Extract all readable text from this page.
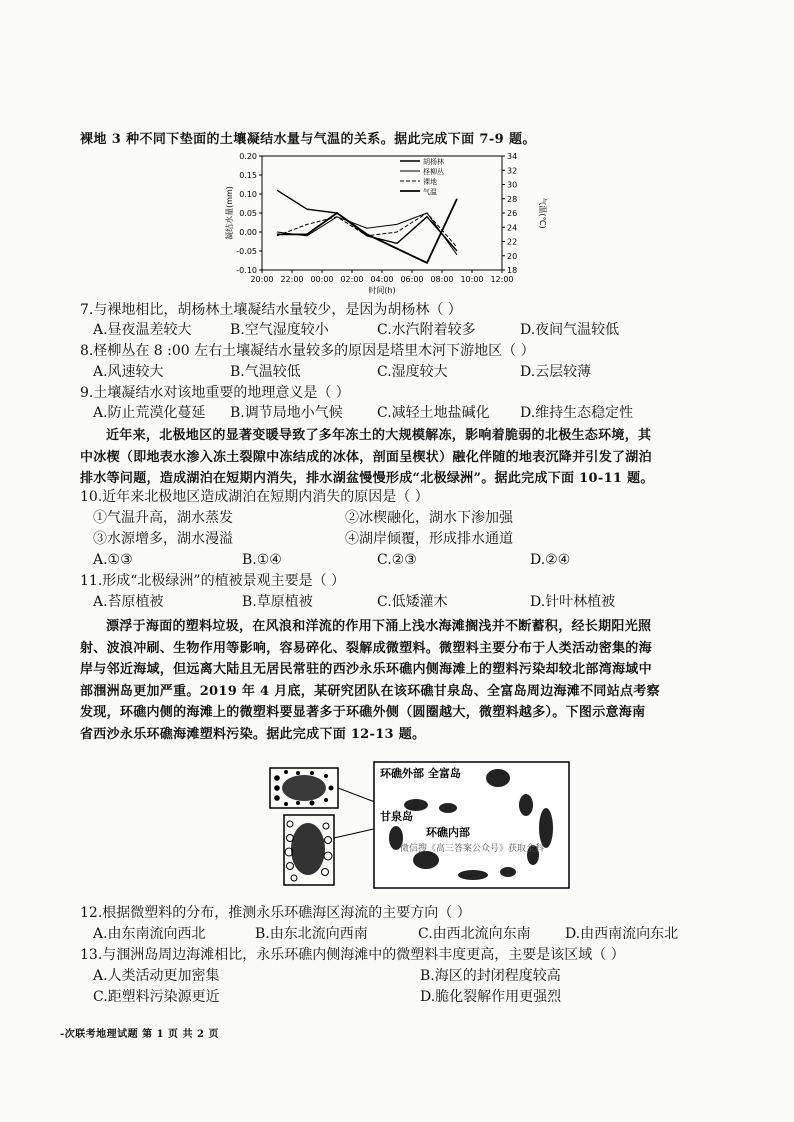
裸地 3 种不同下垫面的土壤凝结水量与气温的关系。据此完成下面 7-9 题。
0.20
0.15
0.10
0.05
0.00
-0.05
-0.10
34
32
30
28
26
24
22
20
18
20:00 22:00 00:00 02:00 04:00 06:00 08:00 10:00 12:00
时间(h)
凝结水量(mm)	气温(℃)
胡杨林
柽柳丛
裸地
气温
7.与裸地相比，胡杨林土壤凝结水量较少，是因为胡杨林（ ）
A.昼夜温差较大	B.空气湿度较小	C.水汽附着较多	D.夜间气温较低
8.柽柳丛在 8 :00 左右土壤凝结水量较多的原因是塔里木河下游地区（ ）
A.风速较大	B.气温较低	C.湿度较大	D.云层较薄
9.土壤凝结水对该地重要的地理意义是（ ）
A.防止荒漠化蔓延 B.调节局地小气候 C.减轻土地盐碱化 D.维持生态稳定性
近年来，北极地区的显著变暖导致了多年冻土的大规模解冻，影响着脆弱的北极生态环境，其
中冰楔（即地表水渗入冻土裂隙中冻结成的冰体，剖面呈楔状）融化伴随的地表沉降并引发了湖泊
排水等问题，造成湖泊在短期内消失，排水湖盆慢慢形成“北极绿洲”。据此完成下面 10-11 题。
10.近年来北极地区造成湖泊在短期内消失的原因是（ ）
①气温升高，湖水蒸发	②冰楔融化，湖水下渗加强
③水源增多，湖水漫溢	④湖岸倾覆，形成排水通道
A.①③	B.①④	C.②③	D.②④
11.形成“北极绿洲”的植被景观主要是（ ）
A.苔原植被	B.草原植被	C.低矮灌木	D.针叶林植被
漂浮于海面的塑料垃圾，在风浪和洋流的作用下涌上浅水海滩搁浅并不断蓄积，经长期阳光照
射、波浪冲刷、生物作用等影响，容易碎化、裂解成微塑料。微塑料主要分布于人类活动密集的海
岸与邻近海域，但远离大陆且无居民常驻的西沙永乐环礁内侧海滩上的塑料污染却较北部湾海域中
部涠洲岛更加严重。2019 年 4 月底，某研究团队在该环礁甘泉岛、全富岛周边海滩不同站点考察
发现，环礁内侧的海滩上的微塑料要显著多于环礁外侧（圆圈越大，微塑料越多）。下图示意海南
省西沙永乐环礁海滩塑料污染。据此完成下面 12-13 题。
环礁外部 全富岛
甘泉岛
环礁内部
微信搜《高三答案公众号》获取全科
12.根据微塑料的分布，推测永乐环礁海区海流的主要方向（ ）
A.由东南流向西北	B.由东北流向西南	C.由西北流向东南 D.由西南流向东北
13.与涠洲岛周边海滩相比，永乐环礁内侧海滩中的微塑料丰度更高，主要是该区域（ ）
A.人类活动更加密集	B.海区的封闭程度较高
C.距塑料污染源更近	D.脆化裂解作用更强烈
-次联考地理试题 第 1 页 共 2 页
